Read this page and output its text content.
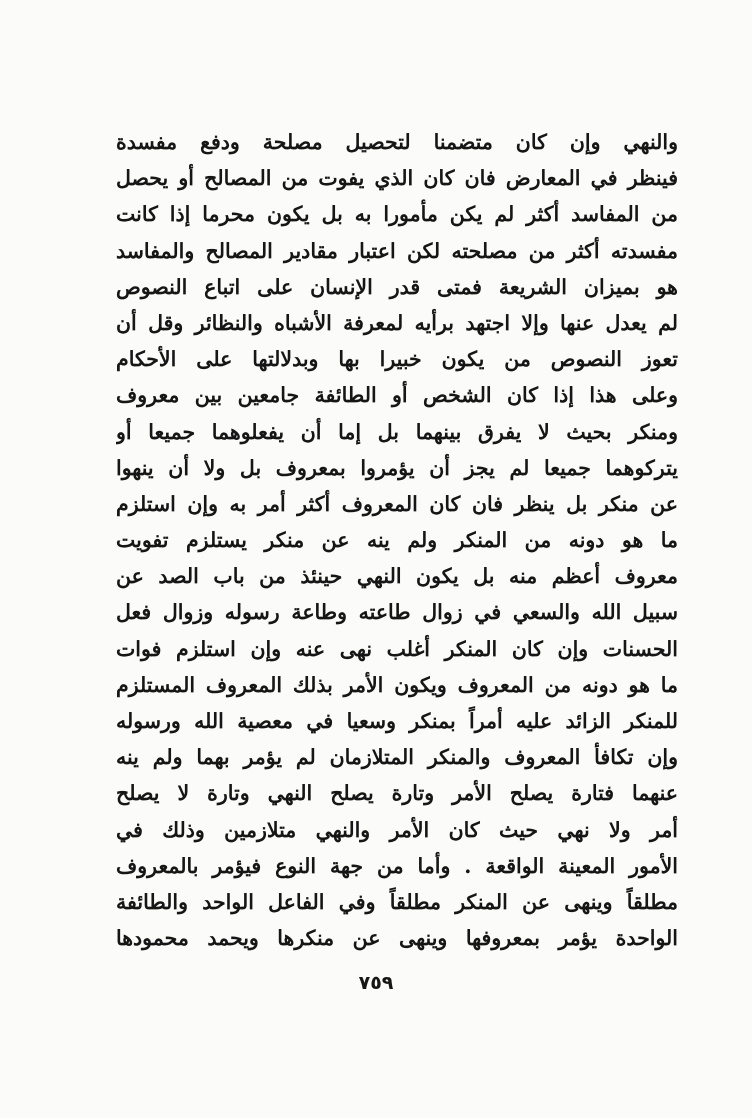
والنهي وإن كان متضمنا لتحصيل مصلحة ودفع مفسدة
فينظر في المعارض فان كان الذي يفوت من المصالح أو يحصل
من المفاسد أكثر لم يكن مأمورا به بل يكون محرما إذا كانت
مفسدته أكثر من مصلحته لكن اعتبار مقادير المصالح والمفاسد
هو بميزان الشريعة فمتى قدر الإنسان على اتباع النصوص
لم يعدل عنها وإلا اجتهد برأيه لمعرفة الأشباه والنظائر وقل أن
تعوز النصوص من يكون خبيرا بها وبدلالتها على الأحكام
وعلى هذا إذا كان الشخص أو الطائفة جامعين بين معروف
ومنكر بحيث لا يفرق بينهما بل إما أن يفعلوهما جميعا أو
يتركوهما جميعا لم يجز أن يؤمروا بمعروف بل ولا أن ينهوا
عن منكر بل ينظر فان كان المعروف أكثر أمر به وإن استلزم
ما هو دونه من المنكر ولم ينه عن منكر يستلزم تفويت
معروف أعظم منه بل يكون النهي حينئذ من باب الصد عن
سبيل الله والسعي في زوال طاعته وطاعة رسوله وزوال فعل
الحسنات وإن كان المنكر أغلب نهى عنه وإن استلزم فوات
ما هو دونه من المعروف ويكون الأمر بذلك المعروف المستلزم
للمنكر الزائد عليه أمراً بمنكر وسعيا في معصية الله ورسوله
وإن تكافأ المعروف والمنكر المتلازمان لم يؤمر بهما ولم ينه
عنهما فتارة يصلح الأمر وتارة يصلح النهي وتارة لا يصلح
أمر ولا نهي حيث كان الأمر والنهي متلازمين وذلك في
الأمور المعينة الواقعة . وأما من جهة النوع فيؤمر بالمعروف
مطلقاً وينهى عن المنكر مطلقاً وفي الفاعل الواحد والطائفة
الواحدة يؤمر بمعروفها وينهى عن منكرها ويحمد محمودها
٧٥٩
